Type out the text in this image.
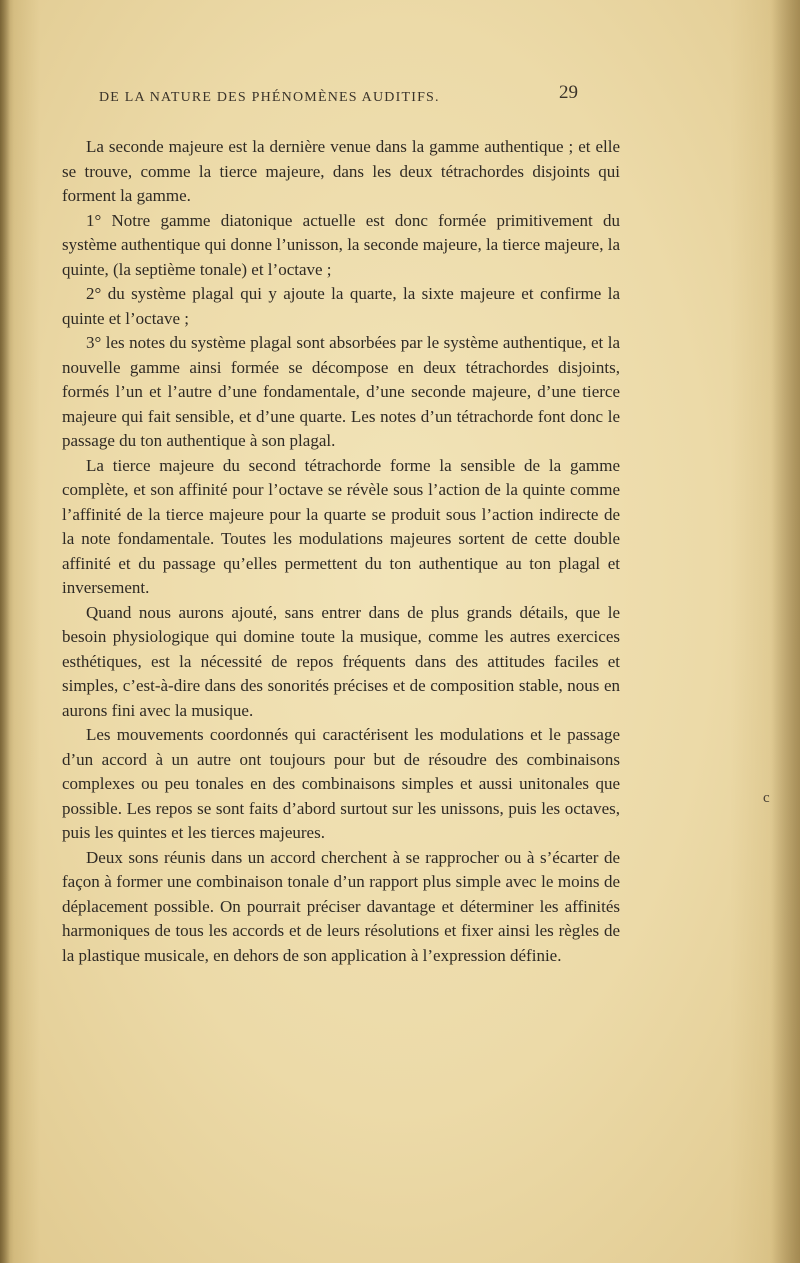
DE LA NATURE DES PHÉNOMÈNES AUDITIFS.	29

La seconde majeure est la dernière venue dans la gamme authentique ; et elle se trouve, comme la tierce majeure, dans les deux tétrachordes disjoints qui forment la gamme.

1° Notre gamme diatonique actuelle est donc formée primitivement du système authentique qui donne l’unisson, la seconde majeure, la tierce majeure, la quinte, (la septième tonale) et l’octave ;

2° du système plagal qui y ajoute la quarte, la sixte majeure et confirme la quinte et l’octave ;

3° les notes du système plagal sont absorbées par le système authentique, et la nouvelle gamme ainsi formée se décompose en deux tétrachordes disjoints, formés l’un et l’autre d’une fondamentale, d’une seconde majeure, d’une tierce majeure qui fait sensible, et d’une quarte. Les notes d’un tétrachorde font donc le passage du ton authentique à son plagal.

La tierce majeure du second tétrachorde forme la sensible de la gamme complète, et son affinité pour l’octave se révèle sous l’action de la quinte comme l’affinité de la tierce majeure pour la quarte se produit sous l’action indirecte de la note fondamentale. Toutes les modulations majeures sortent de cette double affinité et du passage qu’elles permettent du ton authentique au ton plagal et inversement.

Quand nous aurons ajouté, sans entrer dans de plus grands détails, que le besoin physiologique qui domine toute la musique, comme les autres exercices esthétiques, est la nécessité de repos fréquents dans des attitudes faciles et simples, c’est-à-dire dans des sonorités précises et de composition stable, nous en aurons fini avec la musique.

Les mouvements coordonnés qui caractérisent les modulations et le passage d’un accord à un autre ont toujours pour but de résoudre des combinaisons complexes ou peu tonales en des combinaisons simples et aussi unitonales que possible. Les repos se sont faits d’abord surtout sur les unissons, puis les octaves, puis les quintes et les tierces majeures.

Deux sons réunis dans un accord cherchent à se rapprocher ou à s’écarter de façon à former une combinaison tonale d’un rapport plus simple avec le moins de déplacement possible. On pourrait préciser davantage et déterminer les affinités harmoniques de tous les accords et de leurs résolutions et fixer ainsi les règles de la plastique musicale, en dehors de son application à l’expression définie.

c
